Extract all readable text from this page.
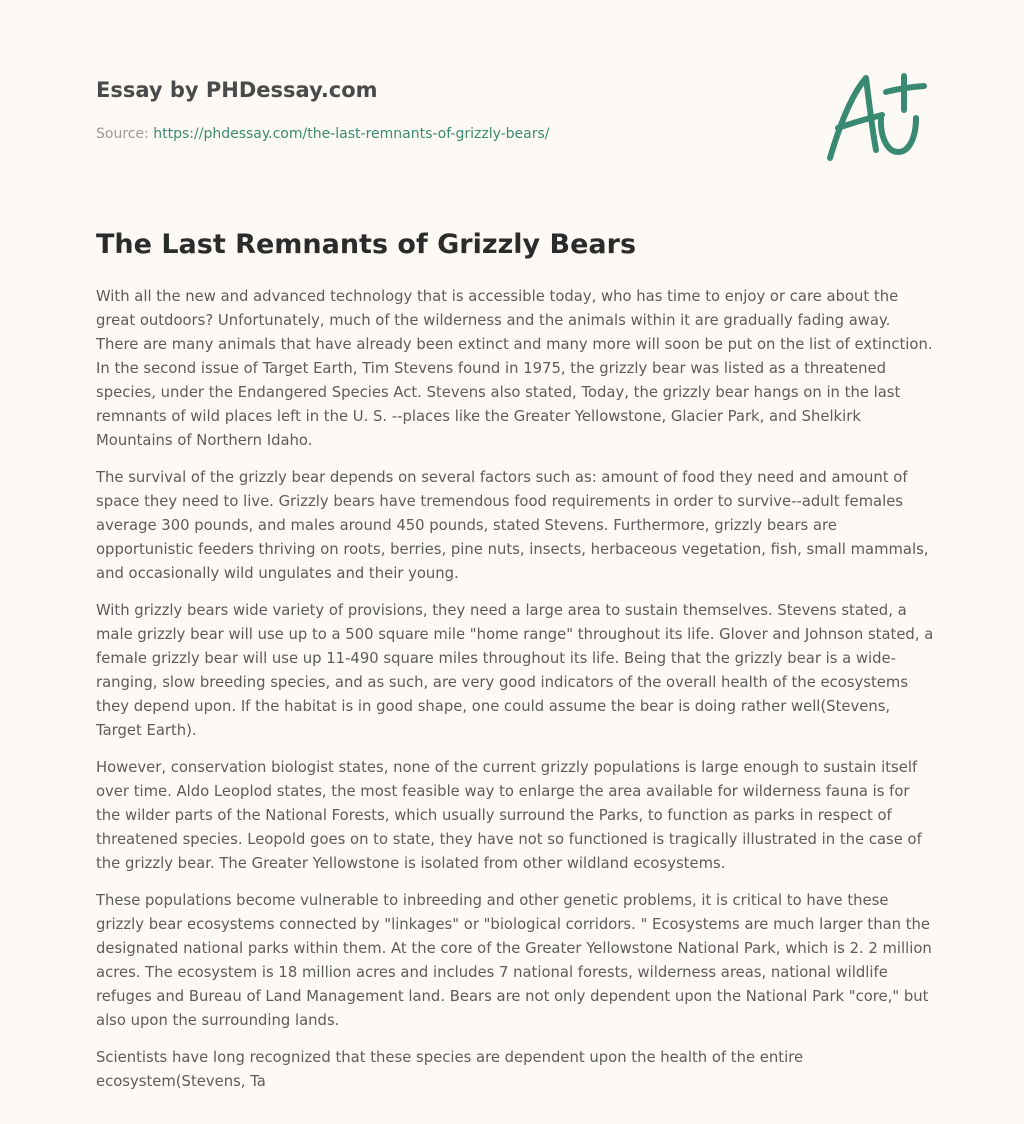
Essay by PHDessay.com

Source: https://phdessay.com/the-last-remnants-of-grizzly-bears/

The Last Remnants of Grizzly Bears

With all the new and advanced technology that is accessible today, who has time to enjoy or care about the great outdoors? Unfortunately, much of the wilderness and the animals within it are gradually fading away. There are many animals that have already been extinct and many more will soon be put on the list of extinction. In the second issue of Target Earth, Tim Stevens found in 1975, the grizzly bear was listed as a threatened species, under the Endangered Species Act. Stevens also stated, Today, the grizzly bear hangs on in the last remnants of wild places left in the U. S. --places like the Greater Yellowstone, Glacier Park, and Shelkirk Mountains of Northern Idaho.

The survival of the grizzly bear depends on several factors such as: amount of food they need and amount of space they need to live. Grizzly bears have tremendous food requirements in order to survive--adult females average 300 pounds, and males around 450 pounds, stated Stevens. Furthermore, grizzly bears are opportunistic feeders thriving on roots, berries, pine nuts, insects, herbaceous vegetation, fish, small mammals, and occasionally wild ungulates and their young.

With grizzly bears wide variety of provisions, they need a large area to sustain themselves. Stevens stated, a male grizzly bear will use up to a 500 square mile "home range" throughout its life. Glover and Johnson stated, a female grizzly bear will use up 11-490 square miles throughout its life. Being that the grizzly bear is a wide-ranging, slow breeding species, and as such, are very good indicators of the overall health of the ecosystems they depend upon. If the habitat is in good shape, one could assume the bear is doing rather well(Stevens, Target Earth).

However, conservation biologist states, none of the current grizzly populations is large enough to sustain itself over time. Aldo Leoplod states, the most feasible way to enlarge the area available for wilderness fauna is for the wilder parts of the National Forests, which usually surround the Parks, to function as parks in respect of threatened species. Leopold goes on to state, they have not so functioned is tragically illustrated in the case of the grizzly bear. The Greater Yellowstone is isolated from other wildland ecosystems.

These populations become vulnerable to inbreeding and other genetic problems, it is critical to have these grizzly bear ecosystems connected by "linkages" or "biological corridors. " Ecosystems are much larger than the designated national parks within them. At the core of the Greater Yellowstone National Park, which is 2. 2 million acres. The ecosystem is 18 million acres and includes 7 national forests, wilderness areas, national wildlife refuges and Bureau of Land Management land. Bears are not only dependent upon the National Park "core," but also upon the surrounding lands.

Scientists have long recognized that these species are dependent upon the health of the entire ecosystem(Stevens, Ta
